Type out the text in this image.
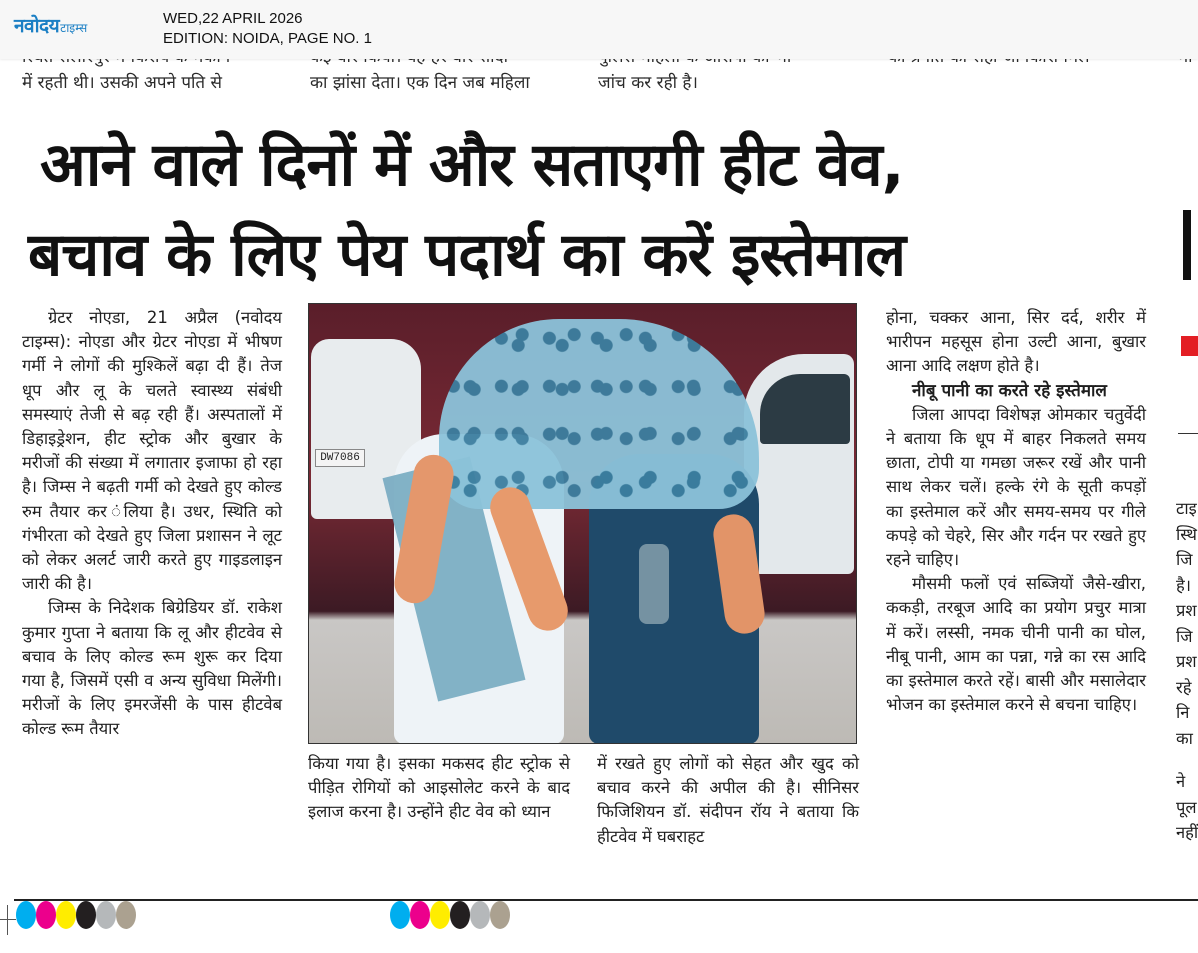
नवोदय टाइम्स
WED,22 APRIL 2026
EDITION: NOIDA, PAGE NO. 1
में रहती थी। उसकी अपने पति से	का झांसा देता। एक दिन जब महिला	जांच कर रही है।
आने वाले दिनों में और सताएगी हीट वेव,
बचाव के लिए पेय पदार्थ का करें इस्तेमाल

ग्रेटर नोएडा, 21 अप्रैल (नवोदय टाइम्स): नोएडा और ग्रेटर नोएडा में भीषण गर्मी ने लोगों की मुश्किलें बढ़ा दी हैं। तेज धूप और लू के चलते स्वास्थ्य संबंधी समस्याएं तेजी से बढ़ रही हैं। अस्पतालों में डिहाइड्रेशन, हीट स्ट्रोक और बुखार के मरीजों की संख्या में लगातार इजाफा हो रहा है। जिम्स ने बढ़ती गर्मी को देखते हुए कोल्ड रुम तैयार कर ंलिया है। उधर, स्थिति को गंभीरता को देखते हुए जिला प्रशासन ने लूट को लेकर अलर्ट जारी करते हुए गाइडलाइन जारी की है।

जिम्स के निदेशक बिग्रेडियर डॉ. राकेश कुमार गुप्ता ने बताया कि लू और हीटवेव से बचाव के लिए कोल्ड रूम शुरू कर दिया गया है, जिसमें एसी व अन्य सुविधा मिलेंगी। मरीजों के लिए इमरजेंसी के पास हीटवेब कोल्ड रूम तैयार

DW7086
किया गया है। इसका मकसद हीट स्ट्रोक से पीड़ित रोगियों को आइसोलेट करने के बाद इलाज करना है। उन्होंने हीट वेव को ध्यान
में रखते हुए लोगों को सेहत और खुद को बचाव करने की अपील की है। सीनिसर फिजिशियन डॉ. संदीपन रॉय ने बताया कि हीटवेव में घबराहट
होना, चक्कर आना, सिर दर्द, शरीर में भारीपन महसूस होना उल्टी आना, बुखार आना आदि लक्षण होते है।
नीबू पानी का करते रहे इस्तेमाल

जिला आपदा विशेषज्ञ ओमकार चतुर्वेदी ने बताया कि धूप में बाहर निकलते समय छाता, टोपी या गमछा जरूर रखें और पानी साथ लेकर चलें। हल्के रंगे के सूती कपड़ों का इस्तेमाल करें और समय-समय पर गीले कपड़े को चेहरे, सिर और गर्दन पर रखते हुए रहने चाहिए।

मौसमी फलों एवं सब्जियों जैसे-खीरा, ककड़ी, तरबूज आदि का प्रयोग प्रचुर मात्रा में करें। लस्सी, नमक चीनी पानी का घोल, नीबू पानी, आम का पन्ना, गन्ने का रस आदि का इस्तेमाल करते रहें। बासी और मसालेदार भोजन का इस्तेमाल करने से बचना चाहिए।

टाइ
स्थि
जि
है।
प्रश
जि
प्रश
रहे
नि
का
ने
पूल
नहीं
